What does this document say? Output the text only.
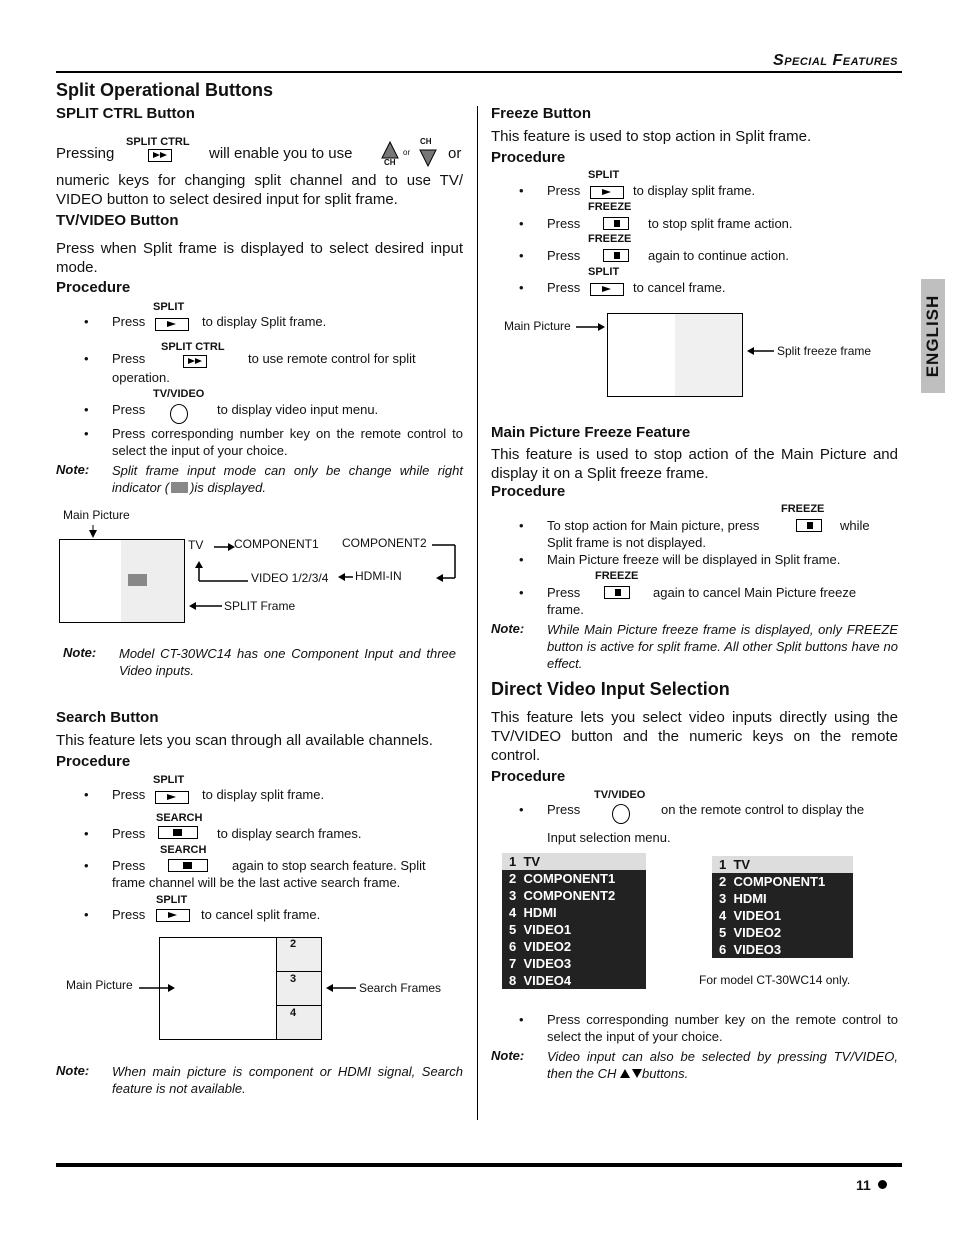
Special Features
ENGLISH
Split Operational Buttons
SPLIT CTRL Button
Pressing
SPLIT CTRL
will enable you to use
CH
CH
or	or
numeric keys for changing split channel and to use TV/ VIDEO button to select desired input for split frame.
TV/VIDEO Button
Press when Split frame is displayed to select desired input mode.
Procedure
• Press
SPLIT
to display Split frame.
• Press
SPLIT CTRL
to use remote control for split
operation.
• Press
TV/VIDEO
to display video input menu.
• Press corresponding number key on the remote control to select the input of your choice.
Note: Split frame input mode can only be change while right indicator ( )is displayed.
Main Picture
TV	COMPONENT1 COMPONENT2
VIDEO 1/2/3/4 HDMI-IN
SPLIT Frame
Note: Model CT-30WC14 has one Component Input and three Video inputs.
Search Button
This feature lets you scan through all available channels.
Procedure
• Press
SPLIT
to display split frame.
• Press
SEARCH
to display search frames.
• Press
SEARCH
again to stop search feature. Split
frame channel will be the last active search frame.
• Press
SPLIT
to cancel split frame.
2
3
4
Main Picture	Search Frames
Note: When main picture is component or HDMI signal, Search feature is not available.
Freeze Button
This feature is used to stop action in Split frame.
Procedure
• Press
SPLIT
to display split frame.
• Press
FREEZE
to stop split frame action.
• Press
FREEZE
again to continue action.
• Press
SPLIT
to cancel frame.
Main Picture
Split freeze frame
Main Picture Freeze Feature
This feature is used to stop action of the Main Picture and display it on a Split freeze frame.
Procedure
• To stop action for Main picture, press
FREEZE
while
Split frame is not displayed.
• Main Picture freeze will be displayed in Split frame.
• Press
FREEZE
again to cancel Main Picture freeze
frame.
Note: While Main Picture freeze frame is displayed, only FREEZE button is active for split frame. All other Split buttons have no effect.
Direct Video Input Selection
This feature lets you select video inputs directly using the TV/VIDEO button and the numeric keys on the remote control.
Procedure
• Press
TV/VIDEO
on the remote control to display the
Input selection menu.
1  TV
2  COMPONENT1
3  COMPONENT2
4  HDMI
5  VIDEO1
6  VIDEO2
7  VIDEO3
8  VIDEO4
1  TV
2  COMPONENT1
3  HDMI
4  VIDEO1
5  VIDEO2
6  VIDEO3
For model CT-30WC14 only.
• Press corresponding number key on the remote control to select the input of your choice.
Note: Video input can also be selected by pressing TV/VIDEO, then the CH buttons.
11
